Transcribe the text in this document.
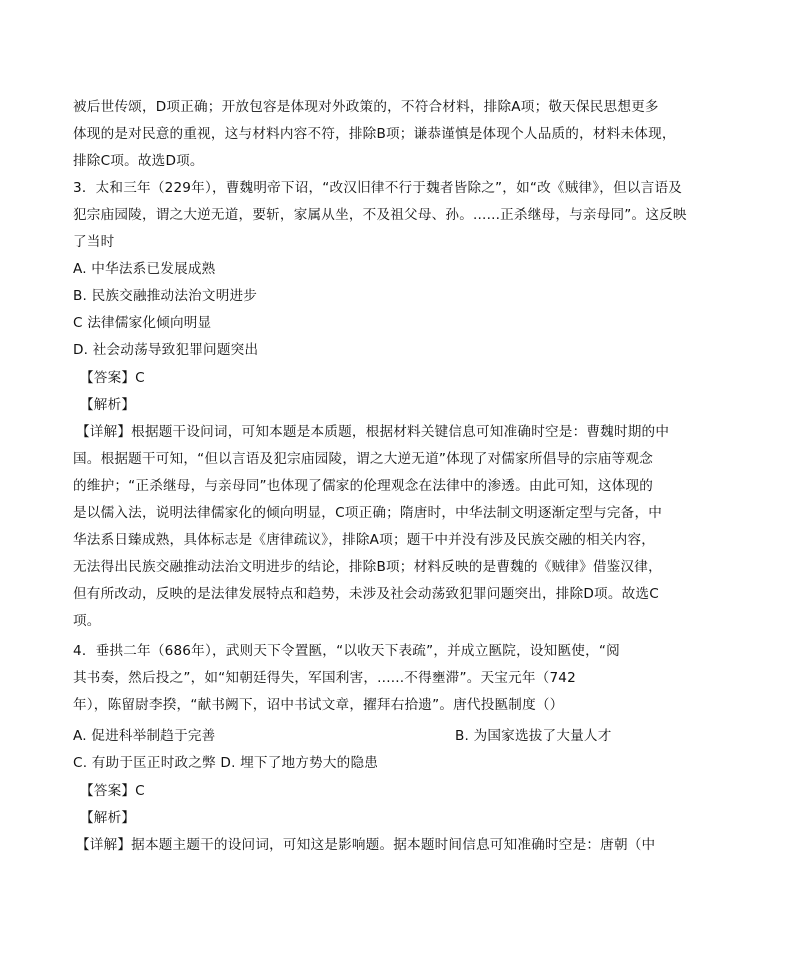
被后世传颂，D项正确；开放包容是体现对外政策的，不符合材料，排除A项；敬天保民思想更多
体现的是对民意的重视，这与材料内容不符，排除B项；谦恭谨慎是体现个人品质的，材料未体现，
排除C项。故选D项。
3．太和三年（229年），曹魏明帝下诏，“改汉旧律不行于魏者皆除之”，如“改《贼律》，但以言语及
犯宗庙园陵，谓之大逆无道，要斩，家属从坐，不及祖父母、孙。......正杀继母，与亲母同”。这反映
了当时
A. 中华法系已发展成熟
B. 民族交融推动法治文明进步
C 法律儒家化倾向明显
D. 社会动荡导致犯罪问题突出
【答案】C
【解析】
【详解】根据题干设问词，可知本题是本质题，根据材料关键信息可知准确时空是：曹魏时期的中
国。根据题干可知，“但以言语及犯宗庙园陵，谓之大逆无道”体现了对儒家所倡导的宗庙等观念
的维护；“正杀继母，与亲母同”也体现了儒家的伦理观念在法律中的渗透。由此可知，这体现的
是以儒入法，说明法律儒家化的倾向明显，C项正确；隋唐时，中华法制文明逐渐定型与完备，中
华法系日臻成熟，具体标志是《唐律疏议》，排除A项；题干中并没有涉及民族交融的相关内容，
无法得出民族交融推动法治文明进步的结论，排除B项；材料反映的是曹魏的《贼律》借鉴汉律，
但有所改动，反映的是法律发展特点和趋势，未涉及社会动荡致犯罪问题突出，排除D项。故选C
项。
4．垂拱二年（686年），武则天下令置匦，“以收天下表疏”，并成立匦院，设知匦使，“阅
其书奏，然后投之”，如“知朝廷得失，军国利害，......不得壅滞”。天宝元年（742
年），陈留尉李揆，“献书阙下，诏中书试文章，擢拜右拾遗”。唐代投匦制度（）
A. 促进科举制趋于完善	B. 为国家选拔了大量人才
C. 有助于匡正时政之弊 D. 埋下了地方势大的隐患
【答案】C
【解析】
【详解】据本题主题干的设问词，可知这是影响题。据本题时间信息可知准确时空是：唐朝（中
